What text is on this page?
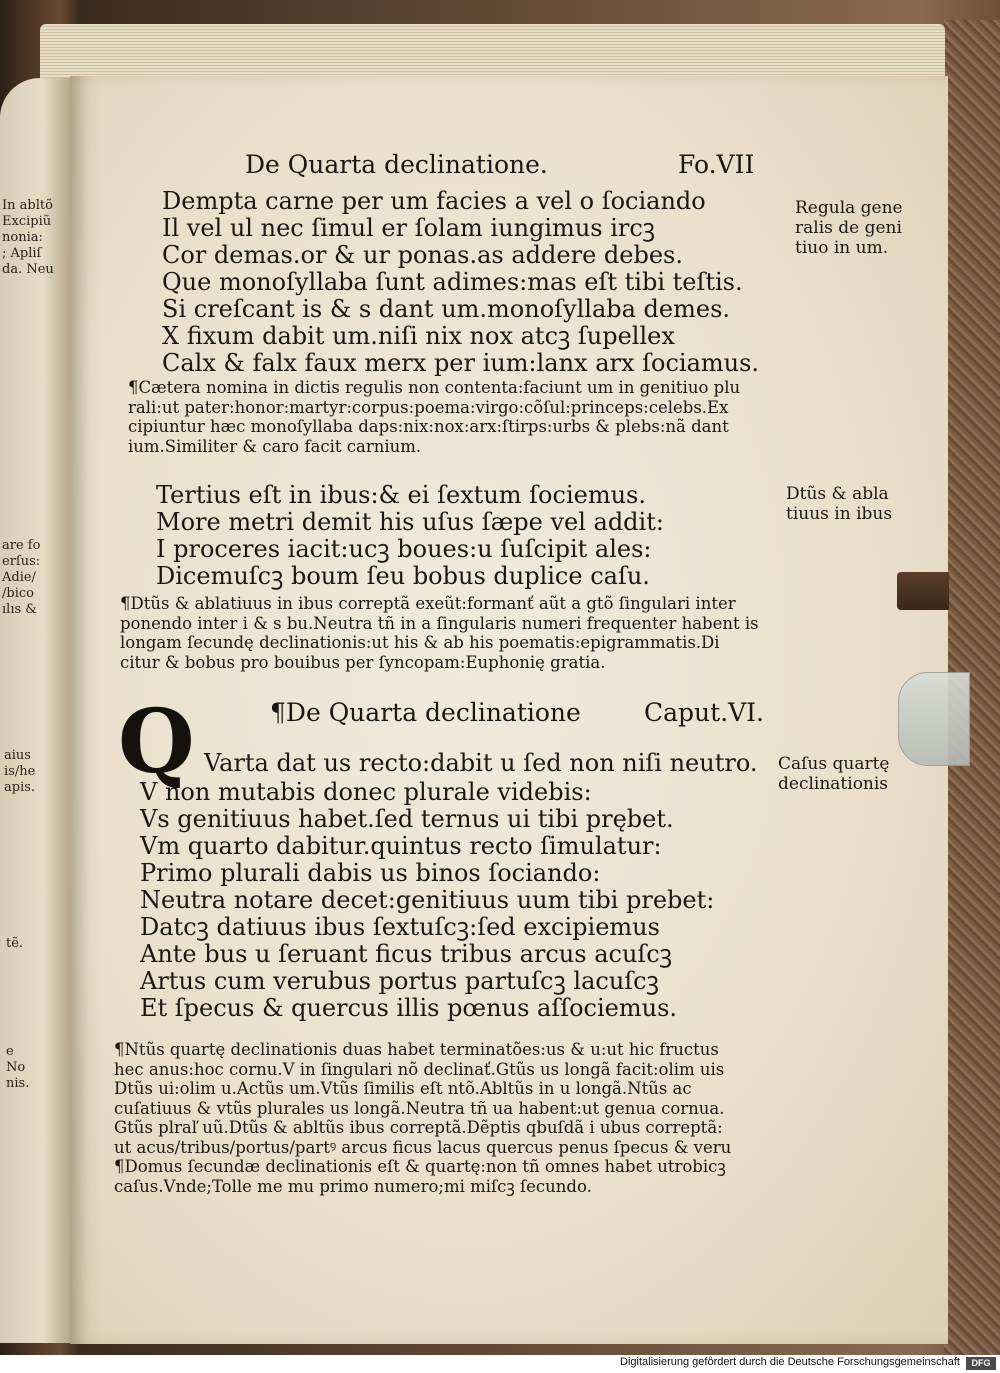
In abltõ
Excipiũ
nonia:
; Apliſ
da. Neu
are fo
erſus:
Adie/
/bico
ılıs &
aius
is/he
apis.
tẽ.
e
No
nis.
De Quarta declinatione.	Fo.VII
Dempta carne per um facies a vel o ſociando
Il vel ul nec ſimul er ſolam iungimus ircꝫ
Cor demas.or & ur ponas.as addere debes.
Que monoſyllaba ſunt adimes:mas eſt tibi teſtis.
Si creſcant is & s dant um.monoſyllaba demes.
X fixum dabit um.niſi nix nox atcꝫ ſupellex
Calx & falx faux merx per ium:lanx arx ſociamus.
¶Cætera nomina in dictis regulis non contenta:faciunt um in genitiuo plu
rali:ut pater:honor:martyr:corpus:poema:virgo:cõſul:princeps:celebs.Ex
cipiuntur hæc monoſyllaba daps:nix:nox:arx:ſtirps:urbs & plebs:nã dant
ium.Similiter & caro facit carnium.
Regula gene
ralis de geni
tiuo in um.
Tertius eſt in ibus:& ei ſextum ſociemus.
More metri demit his uſus ſæpe vel addit:
I proceres iacit:ucꝫ boues:u ſuſcipit ales:
Dicemuſcꝫ boum ſeu bobus duplice caſu.
¶Dtũs & ablatiuus in ibus correptã exeũt:formanť aũt a gtõ ſingulari inter
ponendo inter i & s bu.Neutra tñ in a ſingularis numeri frequenter habent is
longam ſecundę declinationis:ut his & ab his poematis:epigrammatis.Di
citur & bobus pro bouibus per ſyncopam:Euphonię gratia.
Dtũs & abla
tiuus in ibus
¶De Quarta declinatione	Caput.VI.
Q Varta dat us recto:dabit u ſed non niſi neutro.
V non mutabis donec plurale videbis:
Vs genitiuus habet.ſed ternus ui tibi prębet.
Vm quarto dabitur.quintus recto ſimulatur:
Primo plurali dabis us binos ſociando:
Neutra notare decet:genitiuus uum tibi prebet:
Datcꝫ datiuus ibus ſextuſcꝫ:ſed excipiemus
Ante bus u ſeruant ficus tribus arcus acuſcꝫ
Artus cum verubus portus partuſcꝫ lacuſcꝫ
Et ſpecus & quercus illis pœnus aſſociemus.
¶Ntũs quartę declinationis duas habet terminatões:us & u:ut hic fructus
hec anus:hoc cornu.V in ſingulari nõ declinať.Gtũs us longã facit:olim uis
Dtũs ui:olim u.Actũs um.Vtũs ſimilis eſt ntõ.Abltũs in u longã.Ntũs ac
cuſatiuus & vtũs plurales us longã.Neutra tñ ua habent:ut genua cornua.
Gtũs plraľ uũ.Dtũs & abltũs ibus correptã.Dẽptis qbuſdã i ubus correptã:
ut acus/tribus/portus/partꝰ arcus ficus lacus quercus penus ſpecus & veru
¶Domus ſecundæ declinationis eſt & quartę:non tñ omnes habet utrobicꝫ
caſus.Vnde;Tolle me mu primo numero;mi miſcꝫ ſecundo.
Caſus quartę
declinationis
Digitalisierung gefördert durch die Deutsche Forschungsgemeinschaft	DFG
